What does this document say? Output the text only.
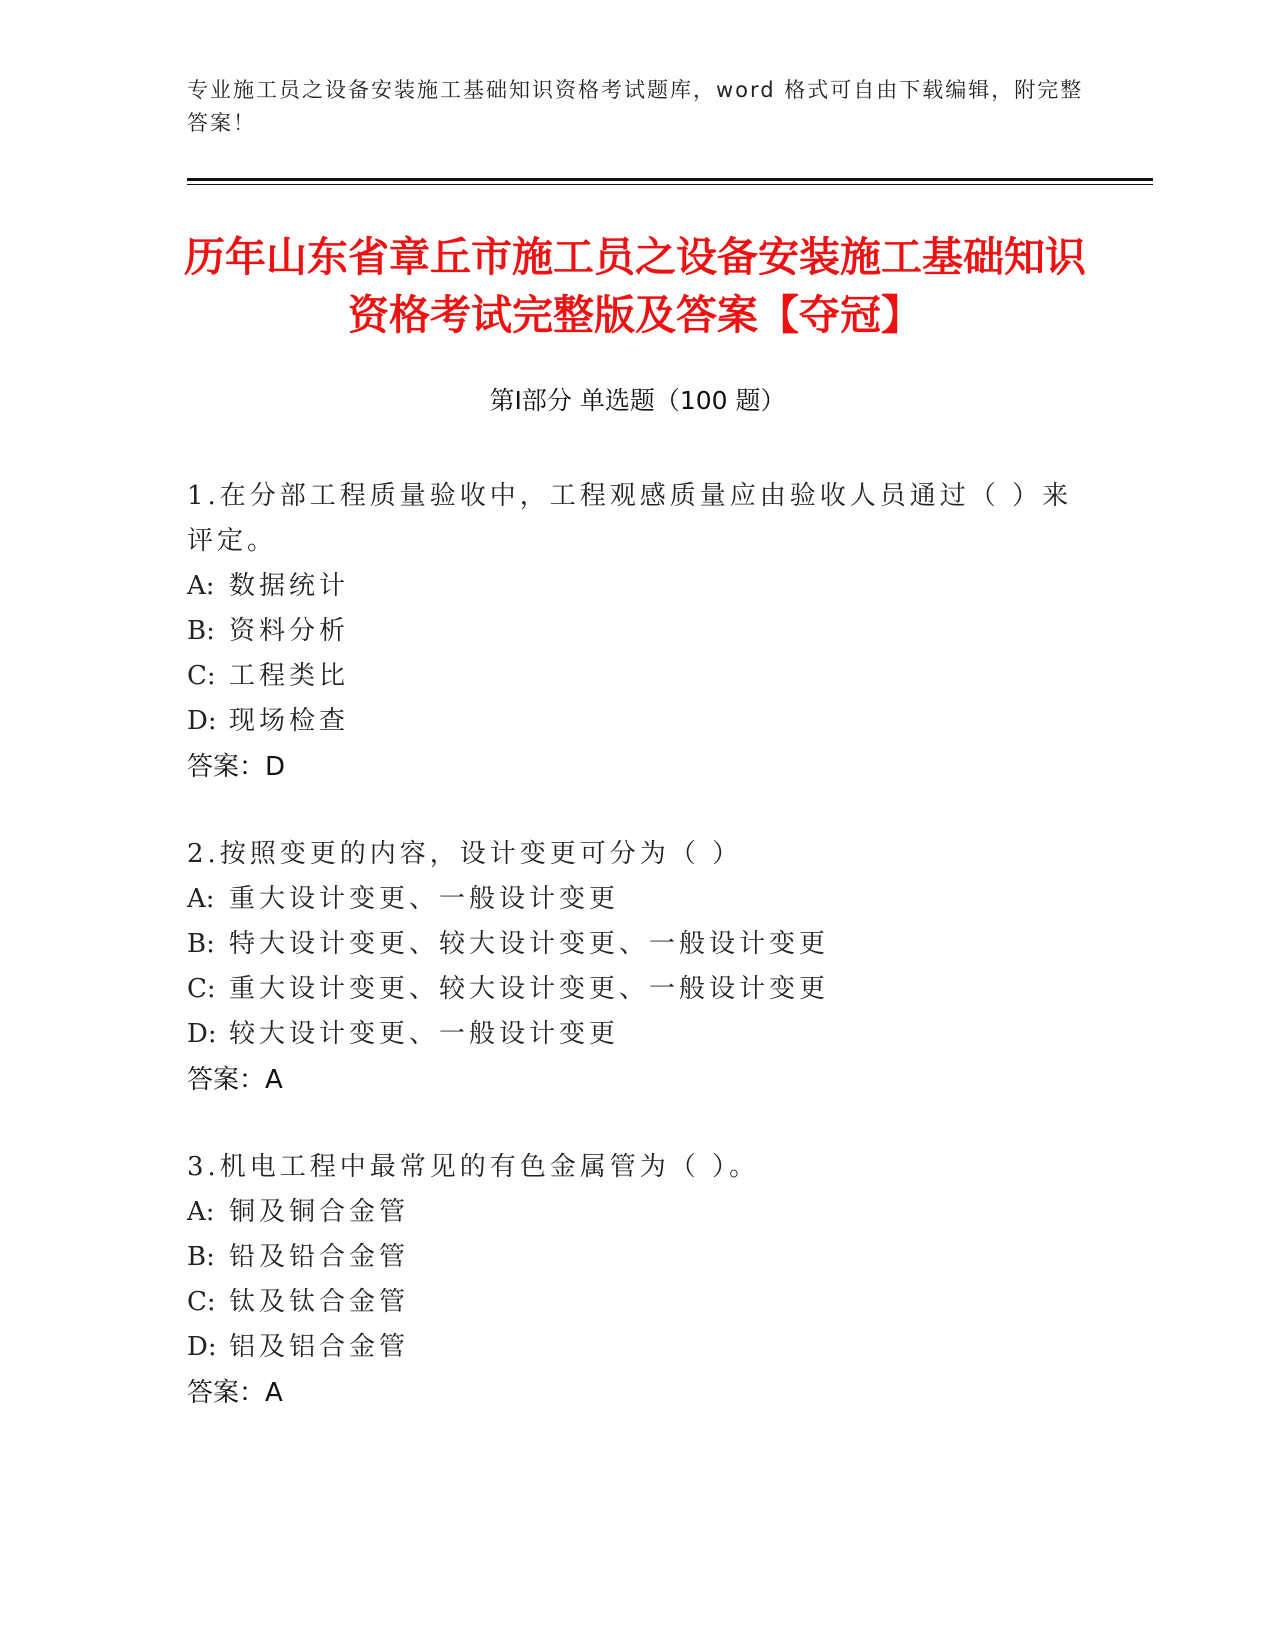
专业施工员之设备安装施工基础知识资格考试题库，word 格式可自由下载编辑，附完整答案！
历年山东省章丘市施工员之设备安装施工基础知识资格考试完整版及答案【夺冠】
第Ⅰ部分 单选题（100 题）
1.在分部工程质量验收中，工程观感质量应由验收人员通过（ ）来评定。
A: 数据统计
B: 资料分析
C: 工程类比
D: 现场检查
答案：D
2.按照变更的内容，设计变更可分为（ ）
A: 重大设计变更、一般设计变更
B: 特大设计变更、较大设计变更、一般设计变更
C: 重大设计变更、较大设计变更、一般设计变更
D: 较大设计变更、一般设计变更
答案：A
3.机电工程中最常见的有色金属管为（ ）。
A: 铜及铜合金管
B: 铅及铅合金管
C: 钛及钛合金管
D: 铝及铝合金管
答案：A
